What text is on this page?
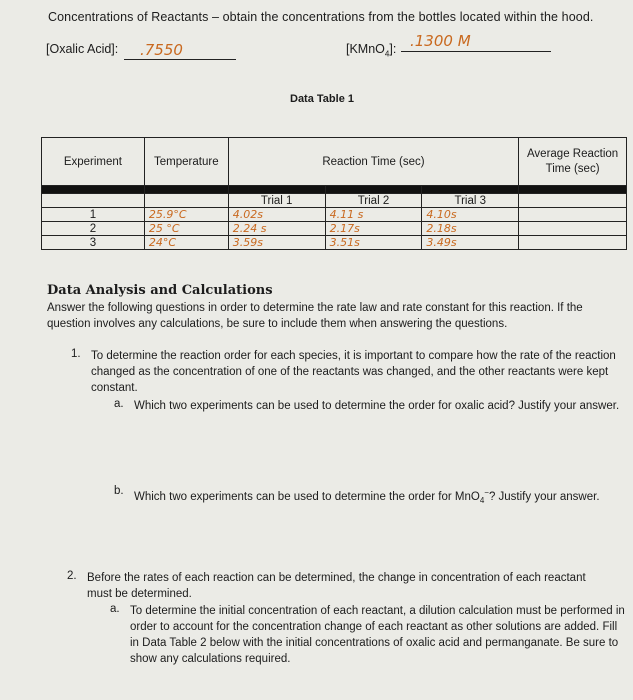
Concentrations of Reactants – obtain the concentrations from the bottles located within the hood.
[Oxalic Acid]: .7550	[KMnO$_4$]: .1300 M
Data Table 1
Experiment	Temperature	Reaction Time (sec)			Average Reaction Time (sec)

		Trial 1	Trial 2	Trial 3	
1	25.9°C	4.02s	4.11 s	4.10s	
2	25 °C	2.24 s	2.17s	2.18s	
3	24°C	3.59s	3.51s	3.49s	
Data Analysis and Calculations
Answer the following questions in order to determine the rate law and rate constant for this reaction. If the question involves any calculations, be sure to include them when answering the questions.
1. To determine the reaction order for each species, it is important to compare how the rate of the reaction changed as the concentration of one of the reactants was changed, and the other reactants were kept constant.
a. Which two experiments can be used to determine the order for oxalic acid? Justify your answer.
b. Which two experiments can be used to determine the order for MnO$_4$−? Justify your answer.
2. Before the rates of each reaction can be determined, the change in concentration of each reactant must be determined.
a. To determine the initial concentration of each reactant, a dilution calculation must be performed in order to account for the concentration change of each reactant as other solutions are added. Fill in Data Table 2 below with the initial concentrations of oxalic acid and permanganate. Be sure to show any calculations required.
